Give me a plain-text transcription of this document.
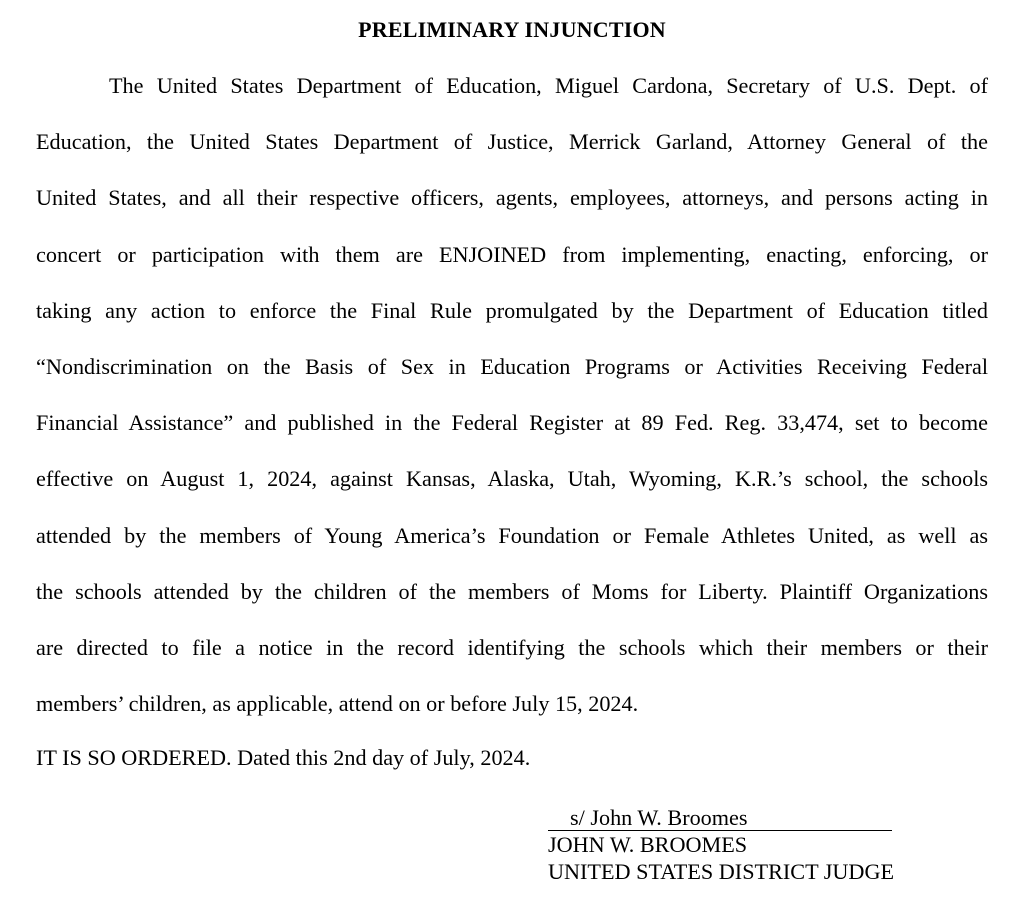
PRELIMINARY INJUNCTION
The United States Department of Education, Miguel Cardona, Secretary of U.S. Dept. of
Education, the United States Department of Justice, Merrick Garland, Attorney General of the
United States, and all their respective officers, agents, employees, attorneys, and persons acting in
concert or participation with them are ENJOINED from implementing, enacting, enforcing, or
taking any action to enforce the Final Rule promulgated by the Department of Education titled
“Nondiscrimination on the Basis of Sex in Education Programs or Activities Receiving Federal
Financial Assistance” and published in the Federal Register at 89 Fed. Reg. 33,474, set to become
effective on August 1, 2024, against Kansas, Alaska, Utah, Wyoming, K.R.’s school, the schools
attended by the members of Young America’s Foundation or Female Athletes United, as well as
the schools attended by the children of the members of Moms for Liberty. Plaintiff Organizations
are directed to file a notice in the record identifying the schools which their members or their
members’ children, as applicable, attend on or before July 15, 2024.
IT IS SO ORDERED. Dated this 2nd day of July, 2024.
s/ John W. Broomes
JOHN W. BROOMES
UNITED STATES DISTRICT JUDGE
